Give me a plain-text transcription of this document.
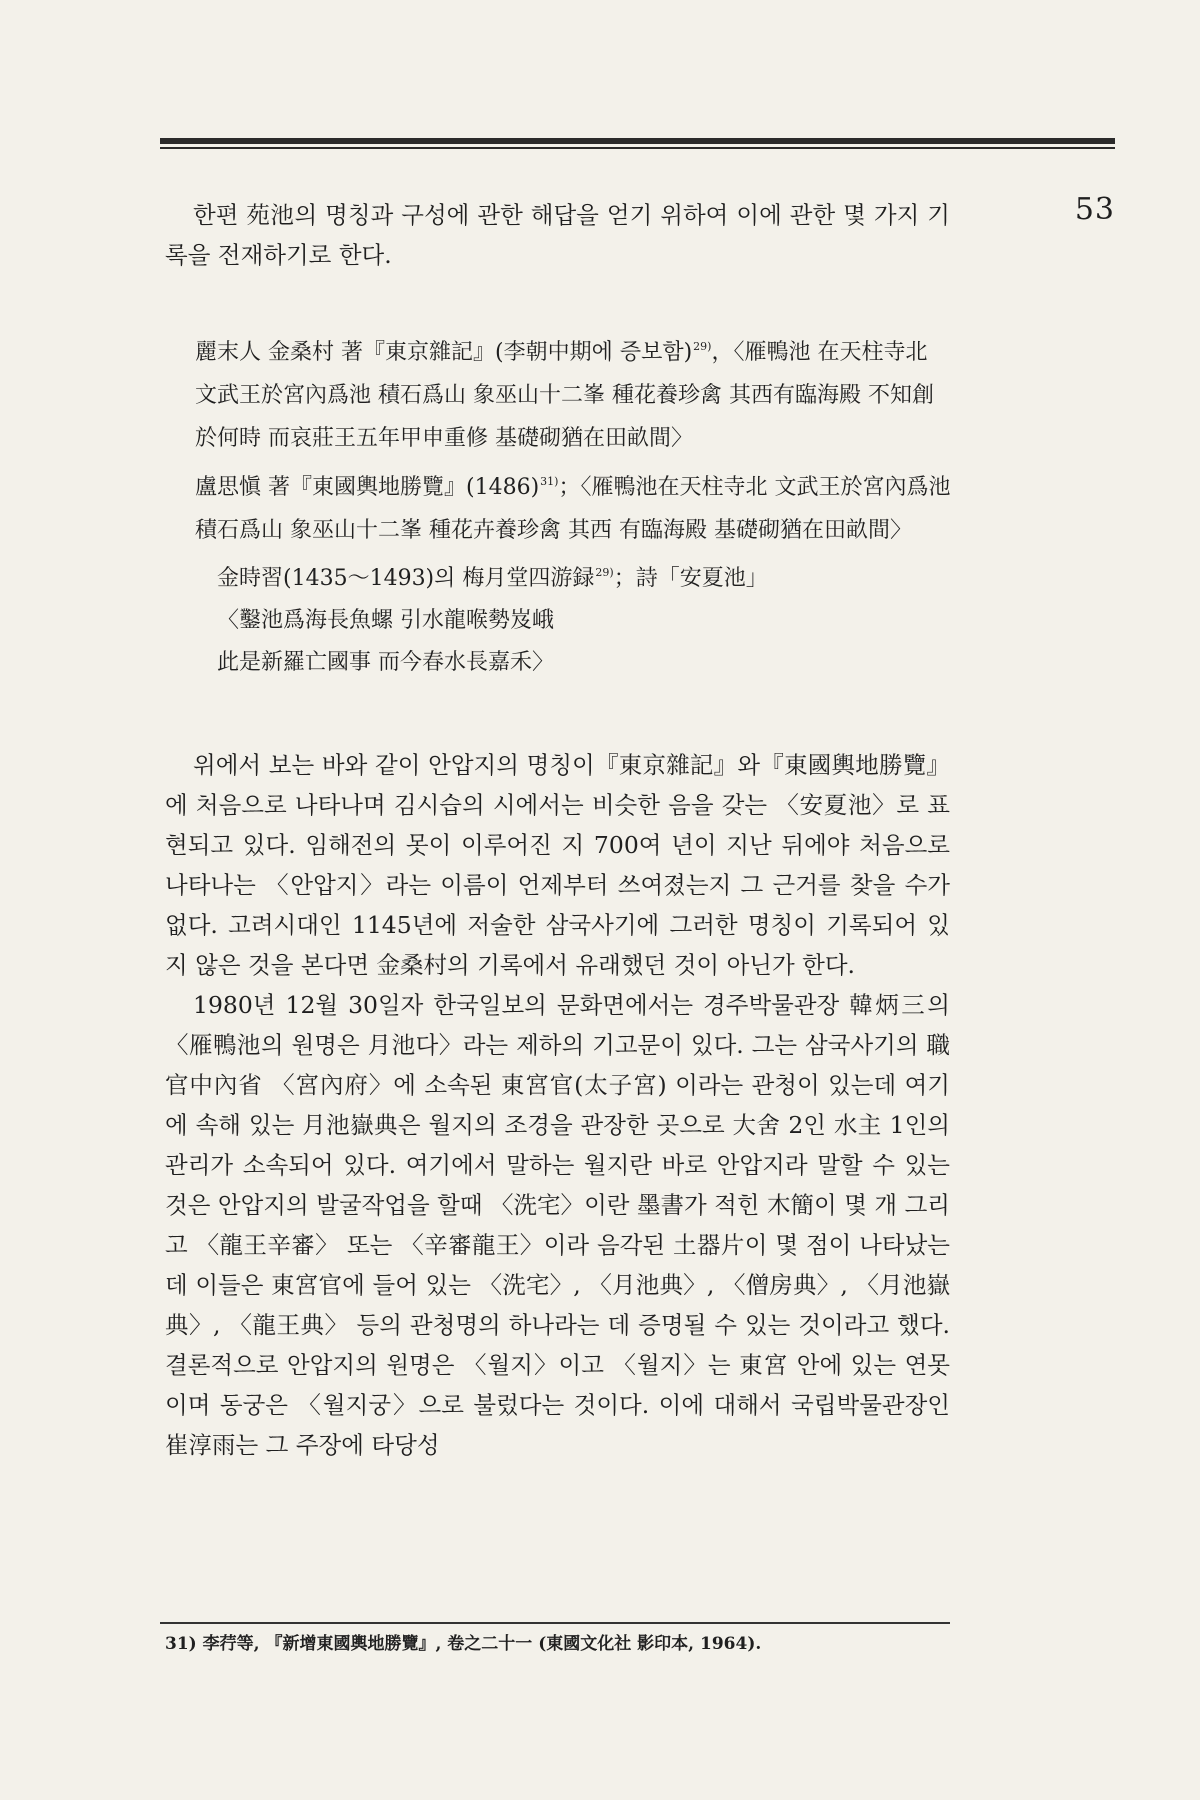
53

한편 苑池의 명칭과 구성에 관한 해답을 얻기 위하여 이에 관한 몇 가지 기록을 전재하기로 한다.

麗末人 金桑村 著『東京雜記』(李朝中期에 증보함)$^{29)}$，〈雁鴨池 在天柱寺北 文武王於宮內爲池 積石爲山 象巫山十二峯 種花養珍禽 其西有臨海殿 不知創於何時 而哀莊王五年甲申重修 基礎砌猶在田畝間〉

盧思愼 著『東國輿地勝覽』$(1486)^{31)}$；〈雁鴨池在天柱寺北 文武王於宮內爲池 積石爲山 象巫山十二峯 種花卉養珍禽 其西 有臨海殿 基礎砌猶在田畝間〉

金時習(1435～1493)의 梅月堂四游録$^{29)}$；詩「安夏池」
〈鑿池爲海長魚螺 引水龍喉勢岌峨
此是新羅亡國事 而今春水長嘉禾〉

위에서 보는 바와 같이 안압지의 명칭이『東京雜記』와『東國輿地勝覽』에 처음으로 나타나며 김시습의 시에서는 비슷한 음을 갖는 〈安夏池〉로 표현되고 있다. 임해전의 못이 이루어진 지 700여 년이 지난 뒤에야 처음으로 나타나는 〈안압지〉라는 이름이 언제부터 쓰여졌는지 그 근거를 찾을 수가 없다. 고려시대인 1145년에 저술한 삼국사기에 그러한 명칭이 기록되어 있지 않은 것을 본다면 金桑村의 기록에서 유래했던 것이 아닌가 한다.

1980년 12월 30일자 한국일보의 문화면에서는 경주박물관장 韓炳三의 〈雁鴨池의 원명은 月池다〉라는 제하의 기고문이 있다. 그는 삼국사기의 職官中內省 〈宮內府〉에 소속된 東宮官(太子宮) 이라는 관청이 있는데 여기에 속해 있는 月池嶽典은 월지의 조경을 관장한 곳으로 大舍 2인 水主 1인의 관리가 소속되어 있다. 여기에서 말하는 월지란 바로 안압지라 말할 수 있는 것은 안압지의 발굴작업을 할때 〈洗宅〉이란 墨書가 적힌 木簡이 몇 개 그리고 〈龍王辛審〉 또는 〈辛審龍王〉이라 음각된 土器片이 몇 점이 나타났는데 이들은 東宮官에 들어 있는 〈洗宅〉, 〈月池典〉, 〈僧房典〉, 〈月池嶽典〉, 〈龍王典〉 등의 관청명의 하나라는 데 증명될 수 있는 것이라고 했다. 결론적으로 안압지의 원명은 〈월지〉이고 〈월지〉는 東宮 안에 있는 연못이며 동궁은 〈월지궁〉으로 불렀다는 것이다. 이에 대해서 국립박물관장인 崔淳雨는 그 주장에 타당성

31) 李荇等, 『新增東國輿地勝覽』, 卷之二十一 (東國文化社 影印本, 1964).
